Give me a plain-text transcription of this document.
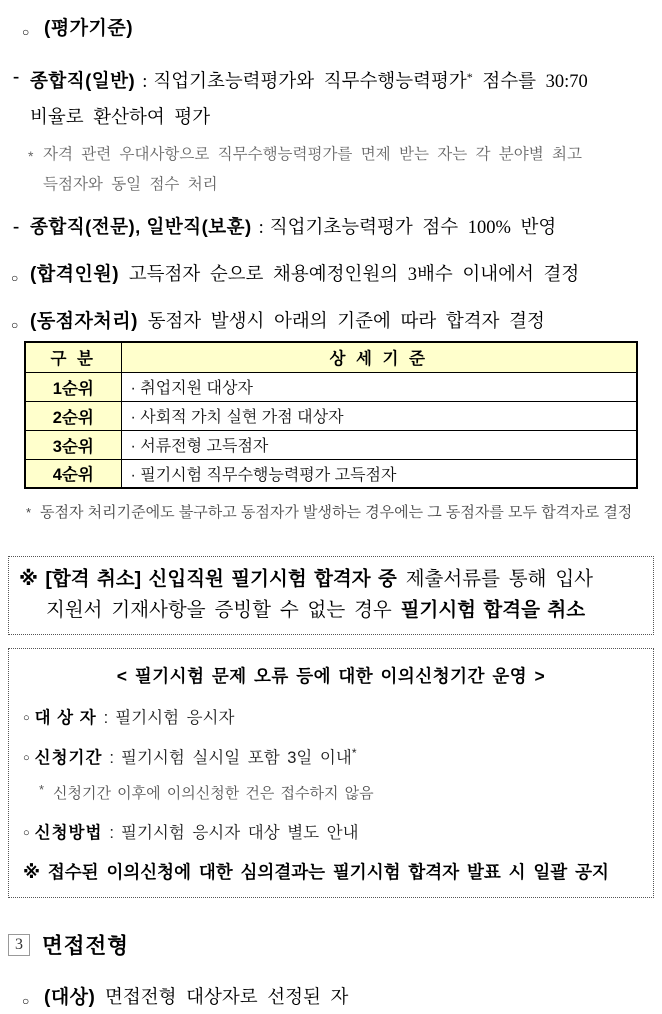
○ (평가기준)
- 종합직(일반) : 직업기초능력평가와 직무수행능력평가* 점수를 30:70
비율로 환산하여 평가
* 자격 관련 우대사항으로 직무수행능력평가를 면제 받는 자는 각 분야별 최고
득점자와 동일 점수 처리
- 종합직(전문), 일반직(보훈) : 직업기초능력평가 점수 100% 반영
○ (합격인원) 고득점자 순으로 채용예정인원의 3배수 이내에서 결정
○ (동점자처리) 동점자 발생시 아래의 기준에 따라 합격자 결정
구 분	상 세 기 준
1순위	· 취업지원 대상자
2순위	· 사회적 가치 실현 가점 대상자
3순위	· 서류전형 고득점자
4순위	· 필기시험 직무수행능력평가 고득점자
* 동점자 처리기준에도 불구하고 동점자가 발생하는 경우에는 그 동점자를 모두 합격자로 결정
※ [합격 취소] 신입직원 필기시험 합격자 중 제출서류를 통해 입사
지원서 기재사항을 증빙할 수 없는 경우 필기시험 합격을 취소
< 필기시험 문제 오류 등에 대한 이의신청기간 운영 >
○ 대 상 자 : 필기시험 응시자
○ 신청기간 : 필기시험 실시일 포함 3일 이내*
* 신청기간 이후에 이의신청한 건은 접수하지 않음
○ 신청방법 : 필기시험 응시자 대상 별도 안내
※ 접수된 이의신청에 대한 심의결과는 필기시험 합격자 발표 시 일괄 공지
3 면접전형
○ (대상) 면접전형 대상자로 선정된 자
